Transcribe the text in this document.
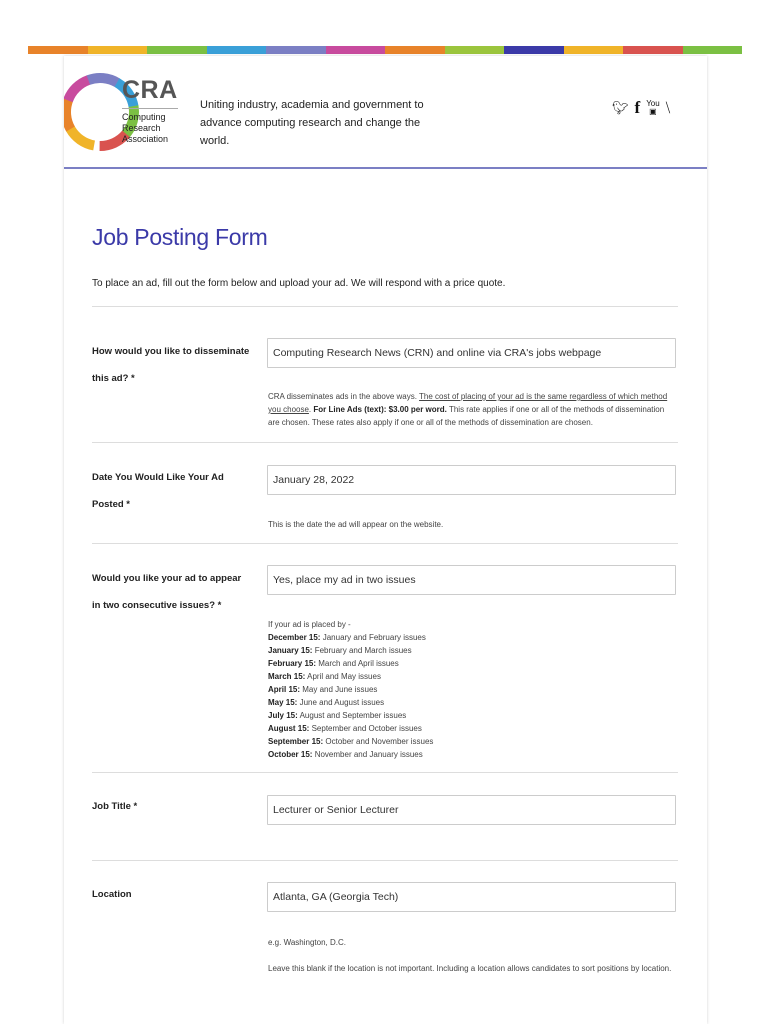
CRA
Computing Research Association
Uniting industry, academia and government to advance computing research and change the world.
🐦︎ f You
▣ ⧹
Job Posting Form
To place an ad, fill out the form below and upload your ad. We will respond with a price quote.
How would you like to disseminate this ad? *
Computing Research News (CRN) and online via CRA's jobs webpage
CRA disseminates ads in the above ways. The cost of placing of your ad is the same regardless of which method you choose. For Line Ads (text): $3.00 per word. This rate applies if one or all of the methods of dissemination are chosen. These rates also apply if one or all of the methods of dissemination are chosen.
Date You Would Like Your Ad Posted *
January 28, 2022
This is the date the ad will appear on the website.
Would you like your ad to appear in two consecutive issues? *
Yes, place my ad in two issues
If your ad is placed by -
December 15: January and February issues
January 15: February and March issues
February 15: March and April issues
March 15: April and May issues
April 15: May and June issues
May 15: June and August issues
July 15: August and September issues
August 15: September and October issues
September 15: October and November issues
October 15: November and January issues
Job Title *
Lecturer or Senior Lecturer
Location
Atlanta, GA (Georgia Tech)
e.g. Washington, D.C.
Leave this blank if the location is not important. Including a location allows candidates to sort positions by location.
